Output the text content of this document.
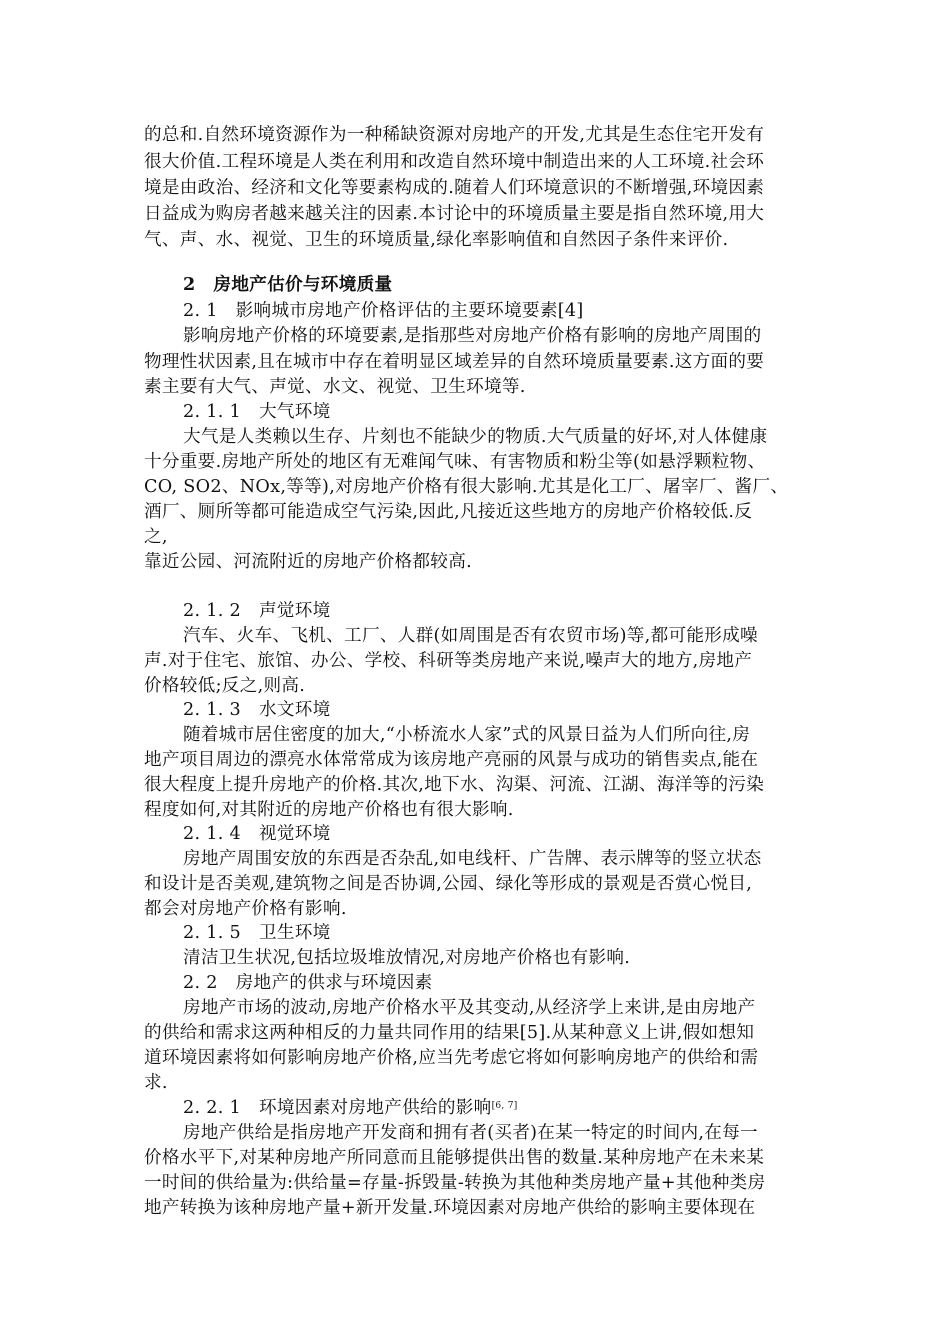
的总和.自然环境资源作为一种稀缺资源对房地产的开发,尤其是生态住宅开发有
很大价值.工程环境是人类在利用和改造自然环境中制造出来的人工环境.社会环
境是由政治、经济和文化等要素构成的.随着人们环境意识的不断增强,环境因素
日益成为购房者越来越关注的因素.本讨论中的环境质量主要是指自然环境,用大
气、声、水、视觉、卫生的环境质量,绿化率影响值和自然因子条件来评价.
2　房地产估价与环境质量
2. 1　影响城市房地产价格评估的主要环境要素[4]
影响房地产价格的环境要素,是指那些对房地产价格有影响的房地产周围的
物理性状因素,且在城市中存在着明显区域差异的自然环境质量要素.这方面的要
素主要有大气、声觉、水文、视觉、卫生环境等.
2. 1. 1　大气环境
大气是人类赖以生存、片刻也不能缺少的物质.大气质量的好坏,对人体健康
十分重要.房地产所处的地区有无难闻气味、有害物质和粉尘等(如悬浮颗粒物、
CO, SO2、NOx,等等),对房地产价格有很大影响.尤其是化工厂、屠宰厂、酱厂、
酒厂、厕所等都可能造成空气污染,因此,凡接近这些地方的房地产价格较低.反
之,
靠近公园、河流附近的房地产价格都较高.
2. 1. 2　声觉环境
汽车、火车、飞机、工厂、人群(如周围是否有农贸市场)等,都可能形成噪
声.对于住宅、旅馆、办公、学校、科研等类房地产来说,噪声大的地方,房地产
价格较低;反之,则高.
2. 1. 3　水文环境
随着城市居住密度的加大,“小桥流水人家”式的风景日益为人们所向往,房
地产项目周边的漂亮水体常常成为该房地产亮丽的风景与成功的销售卖点,能在
很大程度上提升房地产的价格.其次,地下水、沟渠、河流、江湖、海洋等的污染
程度如何,对其附近的房地产价格也有很大影响.
2. 1. 4　视觉环境
房地产周围安放的东西是否杂乱,如电线杆、广告牌、表示牌等的竖立状态
和设计是否美观,建筑物之间是否协调,公园、绿化等形成的景观是否赏心悦目,
都会对房地产价格有影响.
2. 1. 5　卫生环境
清洁卫生状况,包括垃圾堆放情况,对房地产价格也有影响.
2. 2　房地产的供求与环境因素
房地产市场的波动,房地产价格水平及其变动,从经济学上来讲,是由房地产
的供给和需求这两种相反的力量共同作用的结果[5].从某种意义上讲,假如想知
道环境因素将如何影响房地产价格,应当先考虑它将如何影响房地产的供给和需
求.
2. 2. 1　环境因素对房地产供给的影响[6, 7]
房地产供给是指房地产开发商和拥有者(买者)在某一特定的时间内,在每一
价格水平下,对某种房地产所同意而且能够提供出售的数量.某种房地产在未来某
一时间的供给量为:供给量=存量-拆毁量-转换为其他种类房地产量+其他种类房
地产转换为该种房地产量+新开发量.环境因素对房地产供给的影响主要体现在
